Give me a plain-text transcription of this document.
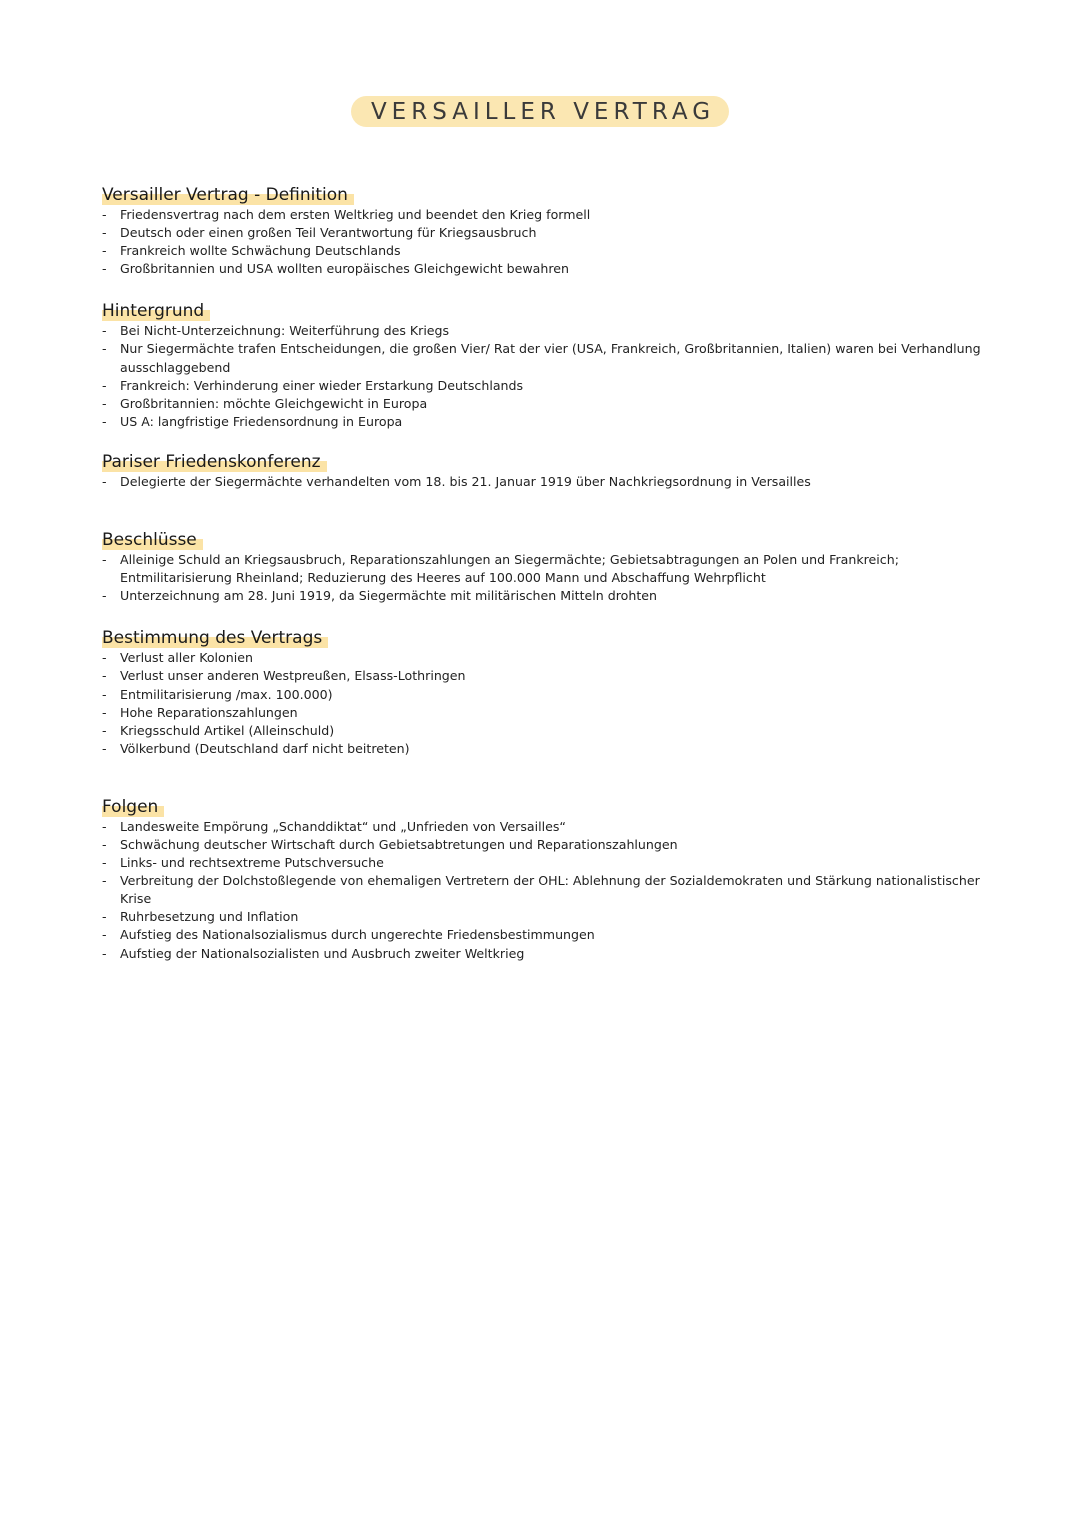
VERSAILLER VERTRAG
Versailler Vertrag - Definition
- Friedensvertrag nach dem ersten Weltkrieg und beendet den Krieg formell
- Deutsch oder einen großen Teil Verantwortung für Kriegsausbruch
- Frankreich wollte Schwächung Deutschlands
- Großbritannien und USA wollten europäisches Gleichgewicht bewahren
Hintergrund
- Bei Nicht-Unterzeichnung: Weiterführung des Kriegs
- Nur Siegermächte trafen Entscheidungen, die großen Vier/ Rat der vier (USA, Frankreich, Großbritannien, Italien) waren bei Verhandlung ausschlaggebend
- Frankreich: Verhinderung einer wieder Erstarkung Deutschlands
- Großbritannien: möchte Gleichgewicht in Europa
- US A: langfristige Friedensordnung in Europa
Pariser Friedenskonferenz
- Delegierte der Siegermächte verhandelten vom 18. bis 21. Januar 1919 über Nachkriegsordnung in Versailles
Beschlüsse
- Alleinige Schuld an Kriegsausbruch, Reparationszahlungen an Siegermächte; Gebietsabtragungen an Polen und Frankreich; Entmilitarisierung Rheinland; Reduzierung des Heeres auf 100.000 Mann und Abschaffung Wehrpflicht
- Unterzeichnung am 28. Juni 1919, da Siegermächte mit militärischen Mitteln drohten
Bestimmung des Vertrags
- Verlust aller Kolonien
- Verlust unser anderen Westpreußen, Elsass-Lothringen
- Entmilitarisierung /max. 100.000)
- Hohe Reparationszahlungen
- Kriegsschuld Artikel (Alleinschuld)
- Völkerbund (Deutschland darf nicht beitreten)
Folgen
- Landesweite Empörung „Schanddiktat“ und „Unfrieden von Versailles“
- Schwächung deutscher Wirtschaft durch Gebietsabtretungen und Reparationszahlungen
- Links- und rechtsextreme Putschversuche
- Verbreitung der Dolchstoßlegende von ehemaligen Vertretern der OHL: Ablehnung der Sozialdemokraten und Stärkung nationalistischer Krise
- Ruhrbesetzung und Inflation
- Aufstieg des Nationalsozialismus durch ungerechte Friedensbestimmungen
- Aufstieg der Nationalsozialisten und Ausbruch zweiter Weltkrieg
